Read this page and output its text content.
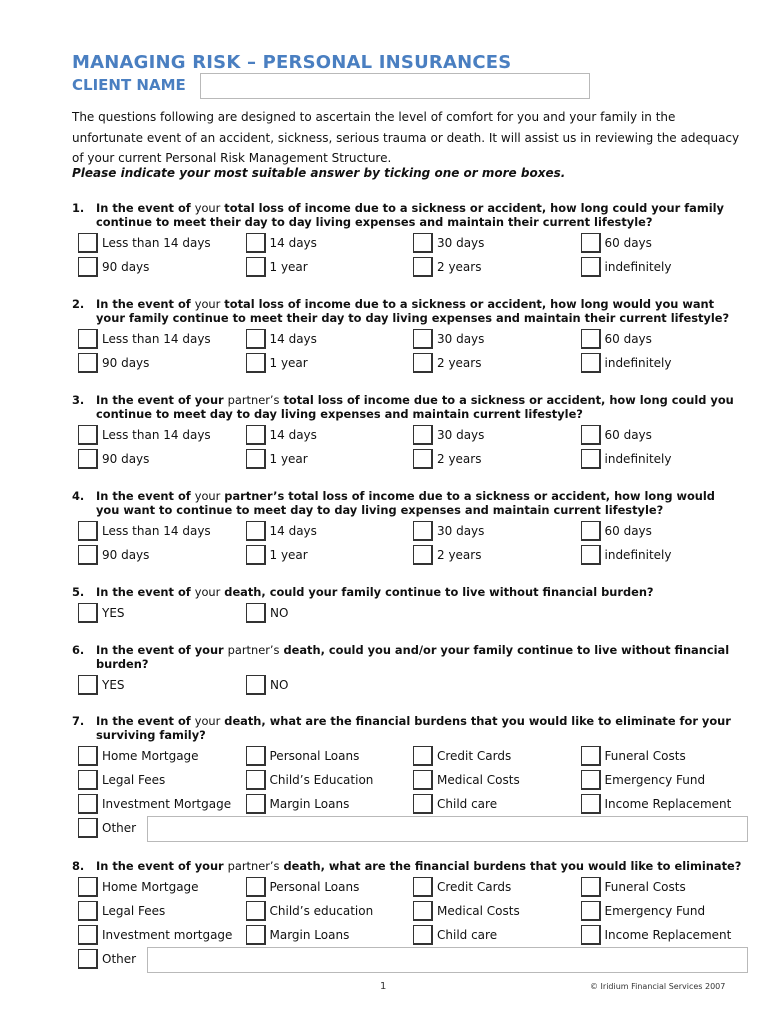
MANAGING RISK – PERSONAL INSURANCES
CLIENT NAME
The questions following are designed to ascertain the level of comfort for you and your family in the unfortunate event of an accident, sickness, serious trauma or death. It will assist us in reviewing the adequacy of your current Personal Risk Management Structure.
Please indicate your most suitable answer by ticking one or more boxes.
1.	In the event of your total loss of income due to a sickness or accident, how long could your family continue to meet their day to day living expenses and maintain their current lifestyle?
Less than 14 days	14 days	30 days	60 days
90 days	1 year	2 years	indefinitely
2.	In the event of your total loss of income due to a sickness or accident, how long would you want your family continue to meet their day to day living expenses and maintain their current lifestyle?
Less than 14 days	14 days	30 days	60 days
90 days	1 year	2 years	indefinitely
3.	In the event of your partner’s total loss of income due to a sickness or accident, how long could you continue to meet day to day living expenses and maintain current lifestyle?
Less than 14 days	14 days	30 days	60 days
90 days	1 year	2 years	indefinitely
4.	In the event of your partner’s total loss of income due to a sickness or accident, how long would you want to continue to meet day to day living expenses and maintain current lifestyle?
Less than 14 days	14 days	30 days	60 days
90 days	1 year	2 years	indefinitely
5.	In the event of your death, could your family continue to live without financial burden?
YES	NO
6.	In the event of your partner’s death, could you and/or your family continue to live without financial burden?
YES	NO
7.	In the event of your death, what are the financial burdens that you would like to eliminate for your surviving family?
Home Mortgage	Personal Loans	Credit Cards	Funeral Costs
Legal Fees	Child’s Education	Medical Costs	Emergency Fund
Investment Mortgage	Margin Loans	Child care	Income Replacement
Other
8.	In the event of your partner’s death, what are the financial burdens that you would like to eliminate?
Home Mortgage	Personal Loans	Credit Cards	Funeral Costs
Legal Fees	Child’s education	Medical Costs	Emergency Fund
Investment mortgage	Margin Loans	Child care	Income Replacement
Other
1	© Iridium Financial Services 2007
